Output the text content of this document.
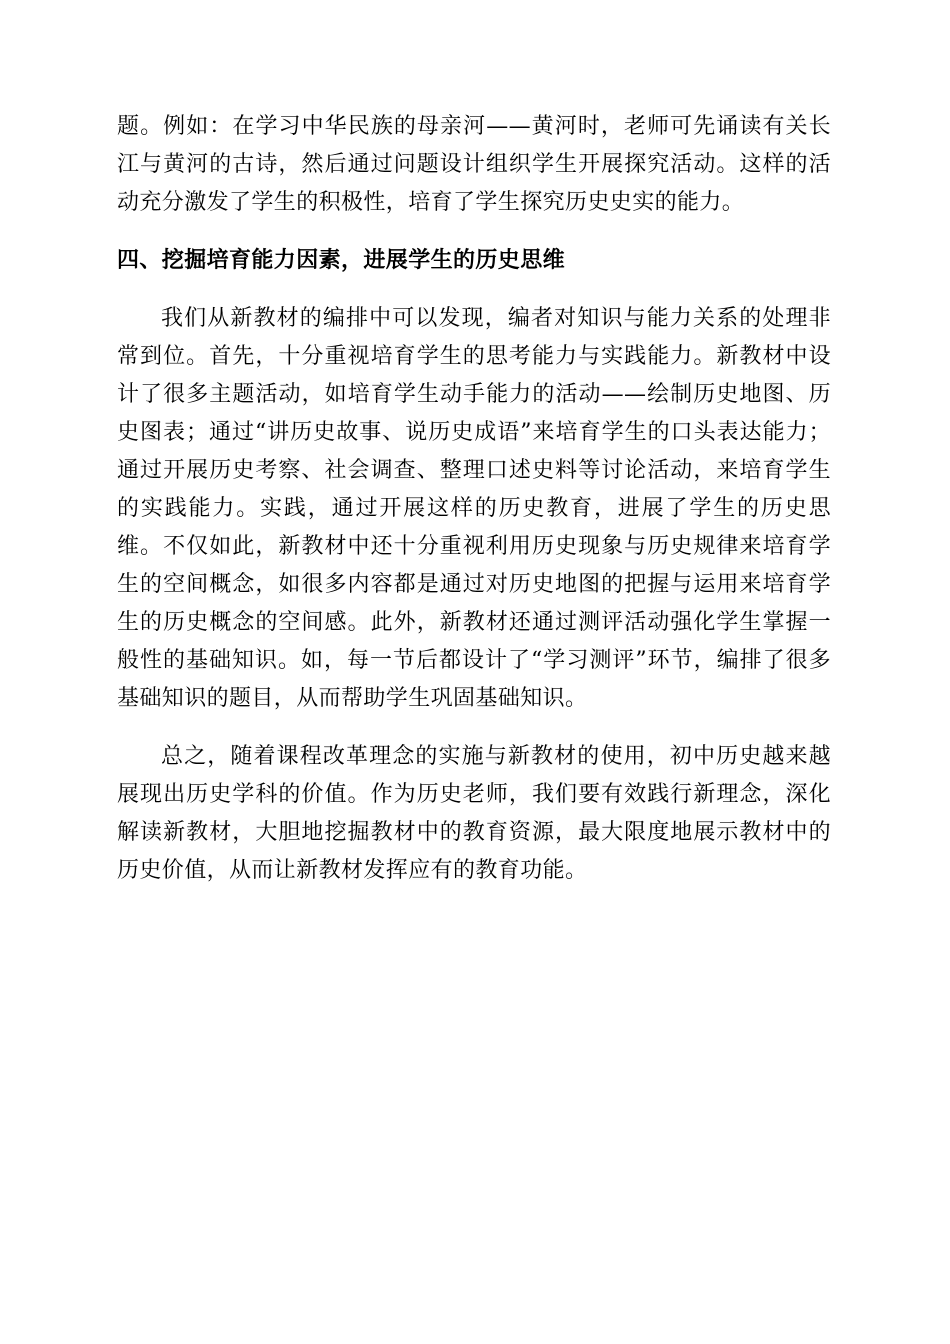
题。例如：在学习中华民族的母亲河——黄河时，老师可先诵读有关长江与黄河的古诗，然后通过问题设计组织学生开展探究活动。这样的活动充分激发了学生的积极性，培育了学生探究历史史实的能力。

四、挖掘培育能力因素，进展学生的历史思维

我们从新教材的编排中可以发现，编者对知识与能力关系的处理非常到位。首先，十分重视培育学生的思考能力与实践能力。新教材中设计了很多主题活动，如培育学生动手能力的活动——绘制历史地图、历史图表；通过“讲历史故事、说历史成语”来培育学生的口头表达能力；通过开展历史考察、社会调查、整理口述史料等讨论活动，来培育学生的实践能力。实践，通过开展这样的历史教育，进展了学生的历史思维。不仅如此，新教材中还十分重视利用历史现象与历史规律来培育学生的空间概念，如很多内容都是通过对历史地图的把握与运用来培育学生的历史概念的空间感。此外，新教材还通过测评活动强化学生掌握一般性的基础知识。如，每一节后都设计了“学习测评”环节，编排了很多基础知识的题目，从而帮助学生巩固基础知识。

总之，随着课程改革理念的实施与新教材的使用，初中历史越来越展现出历史学科的价值。作为历史老师，我们要有效践行新理念，深化解读新教材，大胆地挖掘教材中的教育资源，最大限度地展示教材中的历史价值，从而让新教材发挥应有的教育功能。
